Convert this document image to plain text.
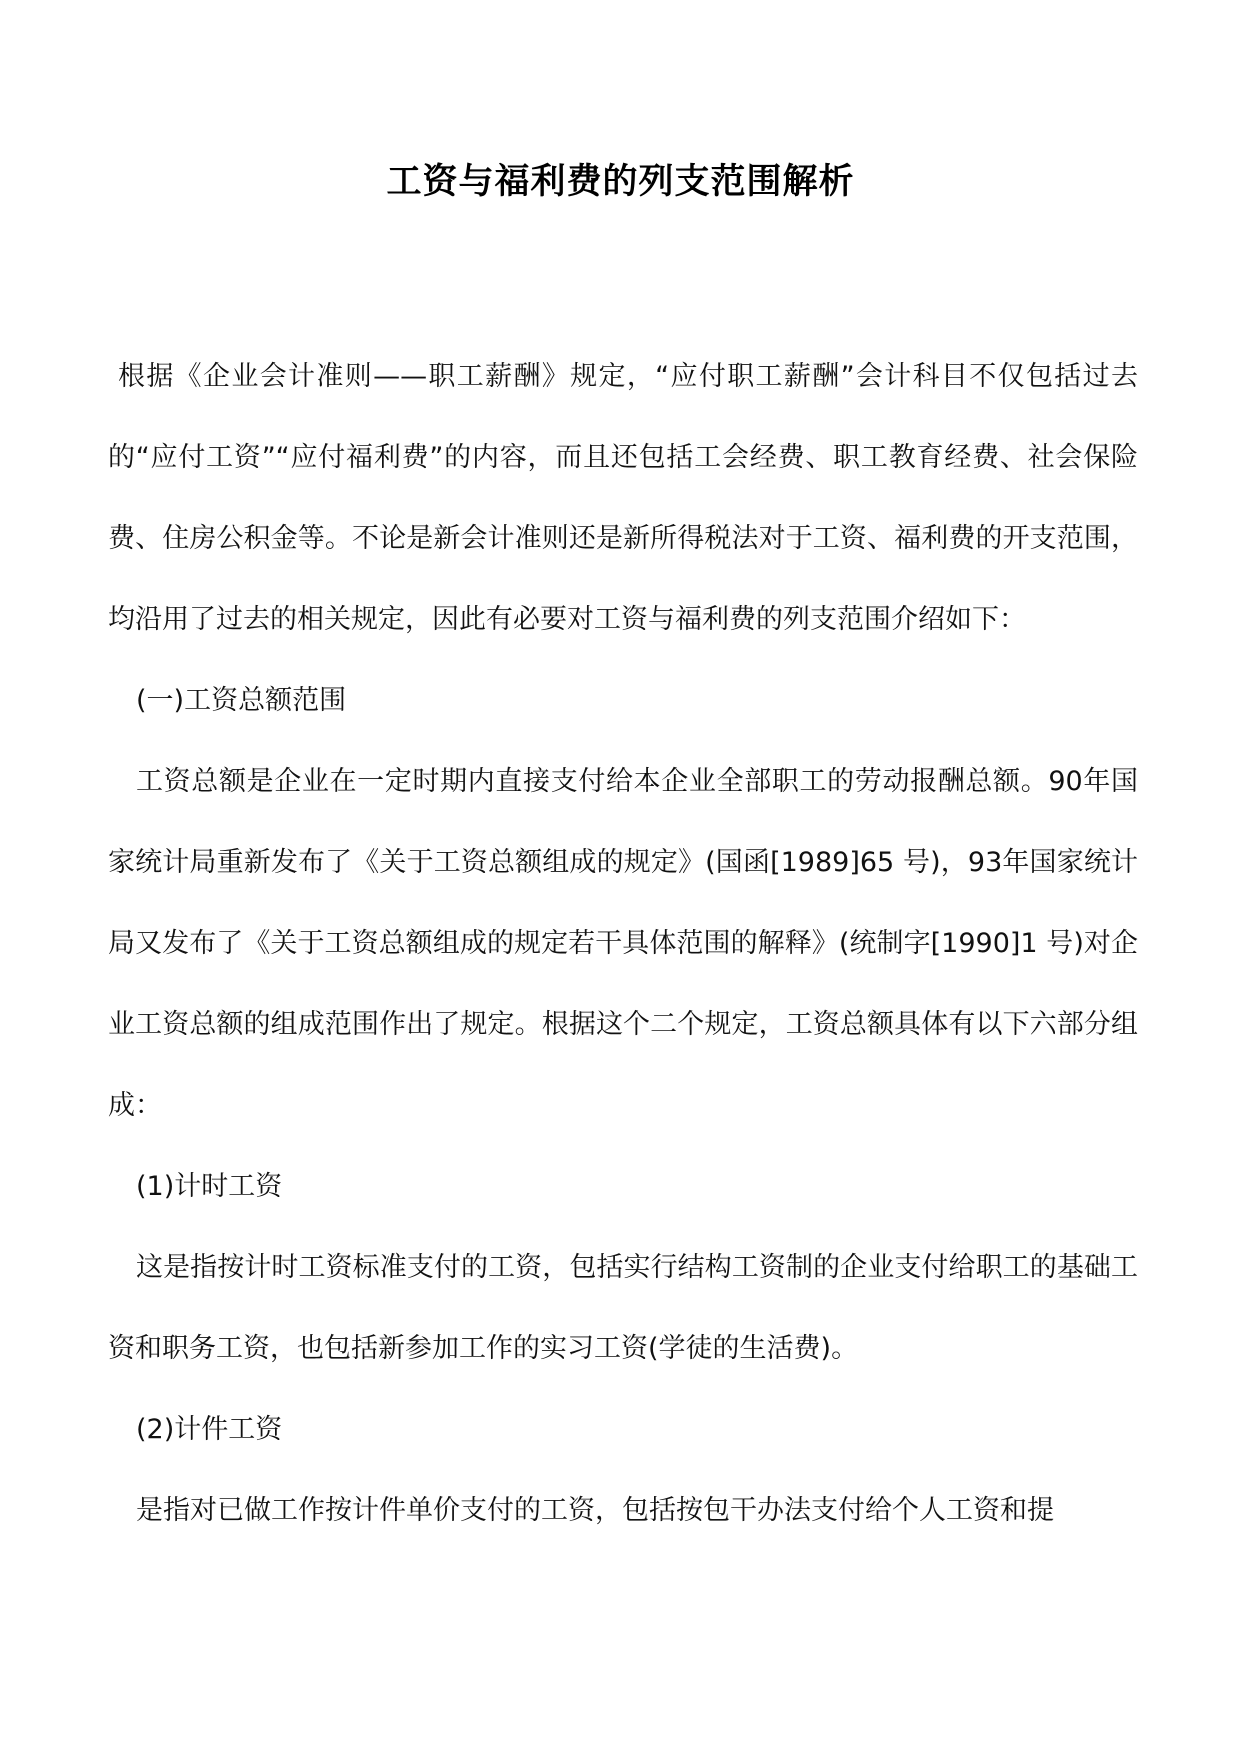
工资与福利费的列支范围解析

根据《企业会计准则——职工薪酬》规定，“应付职工薪酬”会计科目不仅包括过去的“应付工资”“应付福利费”的内容，而且还包括工会经费、职工教育经费、社会保险费、住房公积金等。不论是新会计准则还是新所得税法对于工资、福利费的开支范围，均沿用了过去的相关规定，因此有必要对工资与福利费的列支范围介绍如下：

(一)工资总额范围

工资总额是企业在一定时期内直接支付给本企业全部职工的劳动报酬总额。90年国家统计局重新发布了《关于工资总额组成的规定》(国函[1989]65 号)，93年国家统计局又发布了《关于工资总额组成的规定若干具体范围的解释》(统制字[1990]1 号)对企业工资总额的组成范围作出了规定。根据这个二个规定，工资总额具体有以下六部分组成：

(1)计时工资

这是指按计时工资标准支付的工资，包括实行结构工资制的企业支付给职工的基础工资和职务工资，也包括新参加工作的实习工资(学徒的生活费)。

(2)计件工资

是指对已做工作按计件单价支付的工资，包括按包干办法支付给个人工资和提
